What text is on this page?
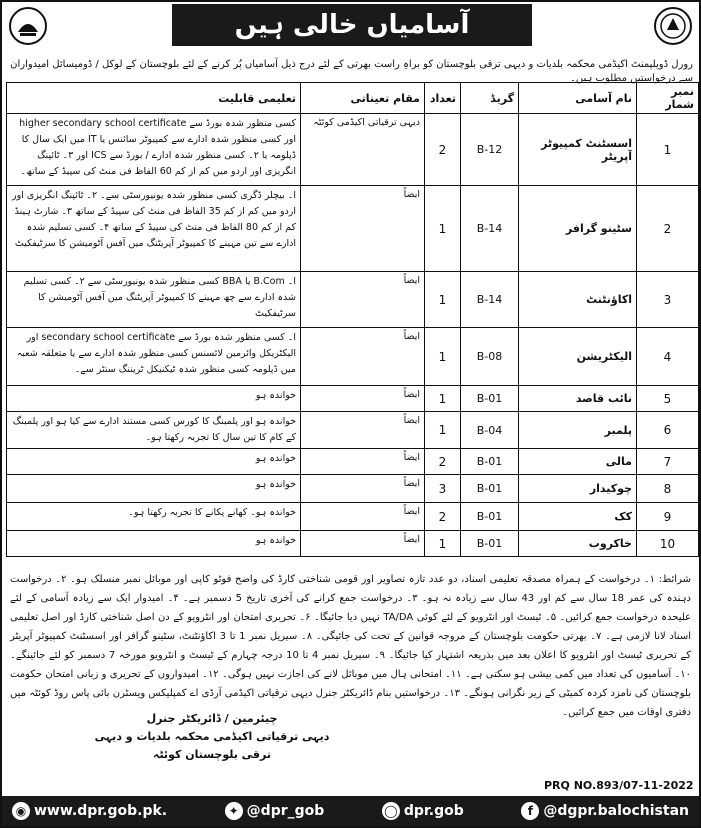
آسامیاں خالی ہیں
رورل ڈویلپمنٹ اکیڈمی محکمہ بلدیات و دیہی ترقی بلوچستان کو براہِ راست بھرتی کے لئے درج ذیل آسامیاں پُر کرنے کے لئے بلوچستان کے لوکل / ڈومیسائل امیدواران سے درخواستیں مطلوب ہیں۔
نمبر شمار	نام آسامی	گریڈ	تعداد	مقام تعیناتی	تعلیمی قابلیت
1	اسسٹنٹ کمپیوٹر آپریٹر	B-12	2	دیہی ترقیاتی اکیڈمی کوئٹہ	کسی منظور شدہ بورڈ سے higher secondary school certificate اور کسی منظور شدہ ادارے سے کمپیوٹر سائنس یا IT میں ایک سال کا ڈپلومہ یا ۲۔ کسی منظور شدہ ادارے / بورڈ سے ICS اور ۳۔ ٹائپنگ انگریزی اور اردو میں کم از کم 60 الفاظ فی منٹ کی سپیڈ کے ساتھ۔
2	سٹینو گرافر	B-14	1	ایضاً	ا۔ بیچلر ڈگری کسی منظور شدہ یونیورسٹی سے۔ ۲۔ ٹائپنگ انگریزی اور اردو میں کم از کم 35 الفاظ فی منٹ کی سپیڈ کے ساتھ ۳۔ شارٹ ہینڈ کم از کم 80 الفاظ فی منٹ کی سپیڈ کے ساتھ ۴۔ کسی تسلیم شدہ ادارے سے تین مہینے کا کمپیوٹر آپریٹنگ میں آفس آٹومیشن کا سرٹیفکیٹ
3	اکاؤنٹنٹ	B-14	1	ایضاً	ا۔ B.Com یا BBA کسی منظور شدہ یونیورسٹی سے ۲۔ کسی تسلیم شدہ ادارے سے چھ مہینے کا کمپیوٹر آپریٹنگ میں آفس آٹومیشن کا سرٹیفکیٹ
4	الیکٹریشن	B-08	1	ایضاً	ا۔ کسی منظور شدہ بورڈ سے secondary school certificate اور الیکٹریکل وائرمین لائسنس کسی منظور شدہ ادارے سے یا متعلقہ شعبہ میں ڈپلومہ کسی منظور شدہ ٹیکنیکل ٹریننگ سنٹر سے۔
5	نائب قاصد	B-01	1	ایضاً	خواندہ ہو
6	پلمبر	B-04	1	ایضاً	خواندہ ہو اور پلمبنگ کا کورس کسی مستند ادارے سے کیا ہو اور پلمبنگ کے کام کا تین سال کا تجربہ رکھتا ہو۔
7	مالی	B-01	2	ایضاً	خواندہ ہو
8	چوکیدار	B-01	3	ایضاً	خواندہ ہو
9	کک	B-01	2	ایضاً	خواندہ ہو۔ کھانے پکانے کا تجربہ رکھتا ہو۔
10	خاکروب	B-01	1	ایضاً	خواندہ ہو
شرائط: ۱۔ درخواست کے ہمراہ مصدقہ تعلیمی اسناد، دو عدد تازہ تصاویر اور قومی شناختی کارڈ کی واضح فوٹو کاپی اور موبائل نمبر منسلک ہو۔ ۲۔ درخواست دہندہ کی عمر 18 سال سے کم اور 43 سال سے زیادہ نہ ہو۔ ۳۔ درخواست جمع کرانے کی آخری تاریخ 5 دسمبر ہے۔ ۴۔ امیدوار ایک سے زیادہ آسامی کے لئے علیحدہ درخواست جمع کرائیں۔ ۵۔ ٹیسٹ اور انٹرویو کے لئے کوئی TA/DA نہیں دیا جائیگا۔ ۶۔ تحریری امتحان اور انٹرویو کے دن اصل شناختی کارڈ اور اصل تعلیمی اسناد لانا لازمی ہے۔ ۷۔ بھرتی حکومت بلوچستان کے مروجہ قوانین کے تحت کی جائیگی۔ ۸۔ سیریل نمبر 1 تا 3 اکاؤنٹنٹ، سٹینو گرافر اور اسسٹنٹ کمپیوٹر آپریٹر کے تحریری ٹیسٹ اور انٹرویو کا اعلان بعد میں بذریعہ اشتہار کیا جائیگا۔ ۹۔ سیریل نمبر 4 تا 10 درجہ چہارم کے ٹیسٹ و انٹرویو مورخہ 7 دسمبر کو لئے جائینگے۔ ۱۰۔ آسامیوں کی تعداد میں کمی بیشی ہو سکتی ہے۔ ۱۱۔ امتحانی ہال میں موبائل لانے کی اجازت نہیں ہوگی۔ ۱۲۔ امیدواروں کے تحریری و زبانی امتحان حکومت بلوچستان کی نامزد کردہ کمیٹی کے زیر نگرانی ہونگے۔ ۱۳۔ درخواستیں بنام ڈائریکٹر جنرل دیہی ترقیاتی اکیڈمی آرڈی اے کمپلیکس ویسٹرن بائی پاس روڈ کوئٹہ میں دفتری اوقات میں جمع کرائیں۔
چیئرمین / ڈائریکٹر جنرل
دیہی ترقیاتی اکیڈمی محکمہ بلدیات و دیہی ترقی بلوچستان کوئٹہ
PRQ NO.893/07-11-2022
◉ www.dpr.gob.pk.	✦ @dpr_gob	◯ dpr.gob	f @dgpr.balochistan
